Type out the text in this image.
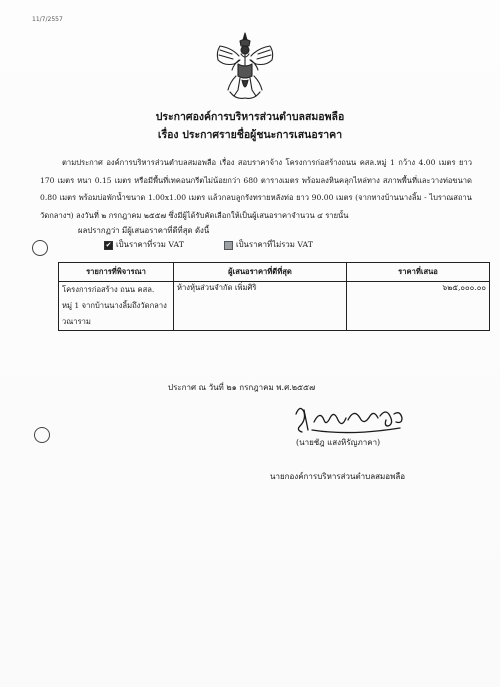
11/7/2557
ประกาศองค์การบริหารส่วนตำบลสมอพลือ
เรื่อง ประกาศรายชื่อผู้ชนะการเสนอราคา
ตามประกาศ องค์การบริหารส่วนตำบลสมอพลือ เรื่อง สอบราคาจ้าง โครงการก่อสร้างถนน คสล.หมู่ 1 กว้าง 4.00 เมตร ยาว 170 เมตร หนา 0.15 เมตร หรือมีพื้นที่เทคอนกรีตไม่น้อยกว่า 680 ตารางเมตร พร้อมลงหินคลุกไหล่ทาง สภาพพื้นที่และวางท่อขนาด 0.80 เมตร พร้อมบ่อพักน้ำขนาด 1.00x1.00 เมตร แล้วกลบลูกรังทรายหลังท่อ ยาว 90.00 เมตร (จากทางบ้านนางลิ้ม - ไบราณสถานวัดกลางฯ) ลงวันที่ ๒ กรกฎาคม ๒๕๕๗ ซึ่งมีผู้ได้รับคัดเลือกให้เป็นผู้เสนอราคาจำนวน ๔ รายนั้น
ผลปรากฏว่า มีผู้เสนอราคาที่ดีที่สุด ดังนี้
✔ เป็นราคาที่รวม VAT	เป็นราคาที่ไม่รวม VAT
รายการที่พิจารณา	ผู้เสนอราคาที่ดีที่สุด	ราคาที่เสนอ

โครงการก่อสร้าง ถนน คสล.
หมู่ 1 จากบ้านนางลิ้มถึงวัดกลาง
วณาราม	ห้างหุ้นส่วนจำกัด เพิ่มศิริ	๖๒๕,๐๐๐.๐๐
ประกาศ ณ วันที่ ๒๑ กรกฎาคม พ.ศ.๒๕๕๗
(นายชัฎ แสงหิรัญภาคา)
นายกองค์การบริหารส่วนตำบลสมอพลือ
